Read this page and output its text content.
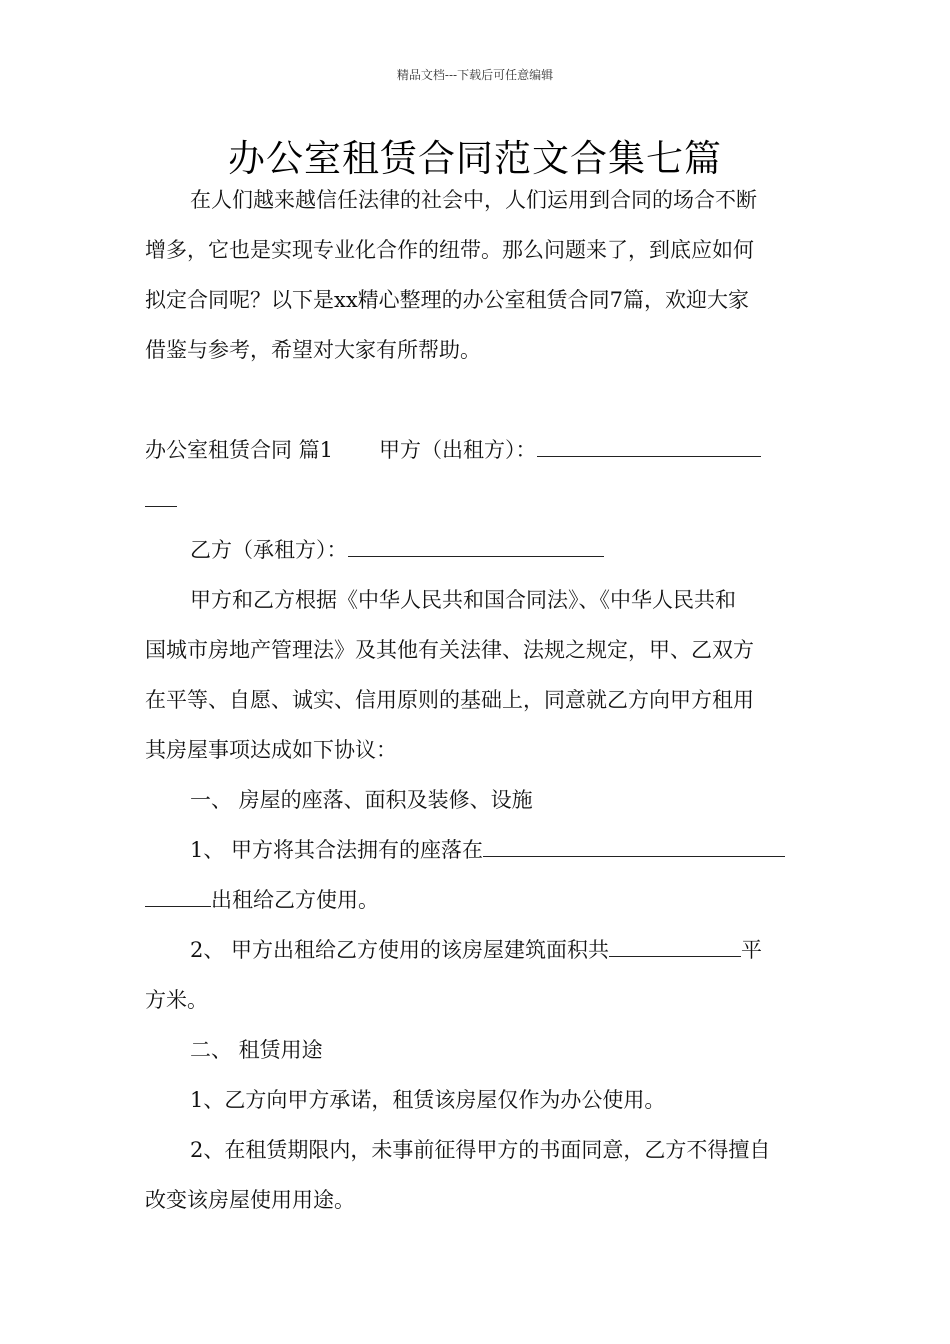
精品文档---下载后可任意编辑
办公室租赁合同范文合集七篇
在人们越来越信任法律的社会中，人们运用到合同的场合不断
增多，它也是实现专业化合作的纽带。那么问题来了，到底应如何
拟定合同呢？以下是xx精心整理的办公室租赁合同7篇，欢迎大家
借鉴与参考，希望对大家有所帮助。
办公室租赁合同 篇1 甲方（出租方）：
乙方（承租方）：
甲方和乙方根据《中华人民共和国合同法》、《中华人民共和
国城市房地产管理法》及其他有关法律、法规之规定，甲、乙双方
在平等、自愿、诚实、信用原则的基础上，同意就乙方向甲方租用
其房屋事项达成如下协议：
一、 房屋的座落、面积及装修、设施
1、 甲方将其合法拥有的座落在
出租给乙方使用。
2、 甲方出租给乙方使用的该房屋建筑面积共	平
方米。
二、 租赁用途
1、乙方向甲方承诺，租赁该房屋仅作为办公使用。
2、在租赁期限内，未事前征得甲方的书面同意，乙方不得擅自
改变该房屋使用用途。
